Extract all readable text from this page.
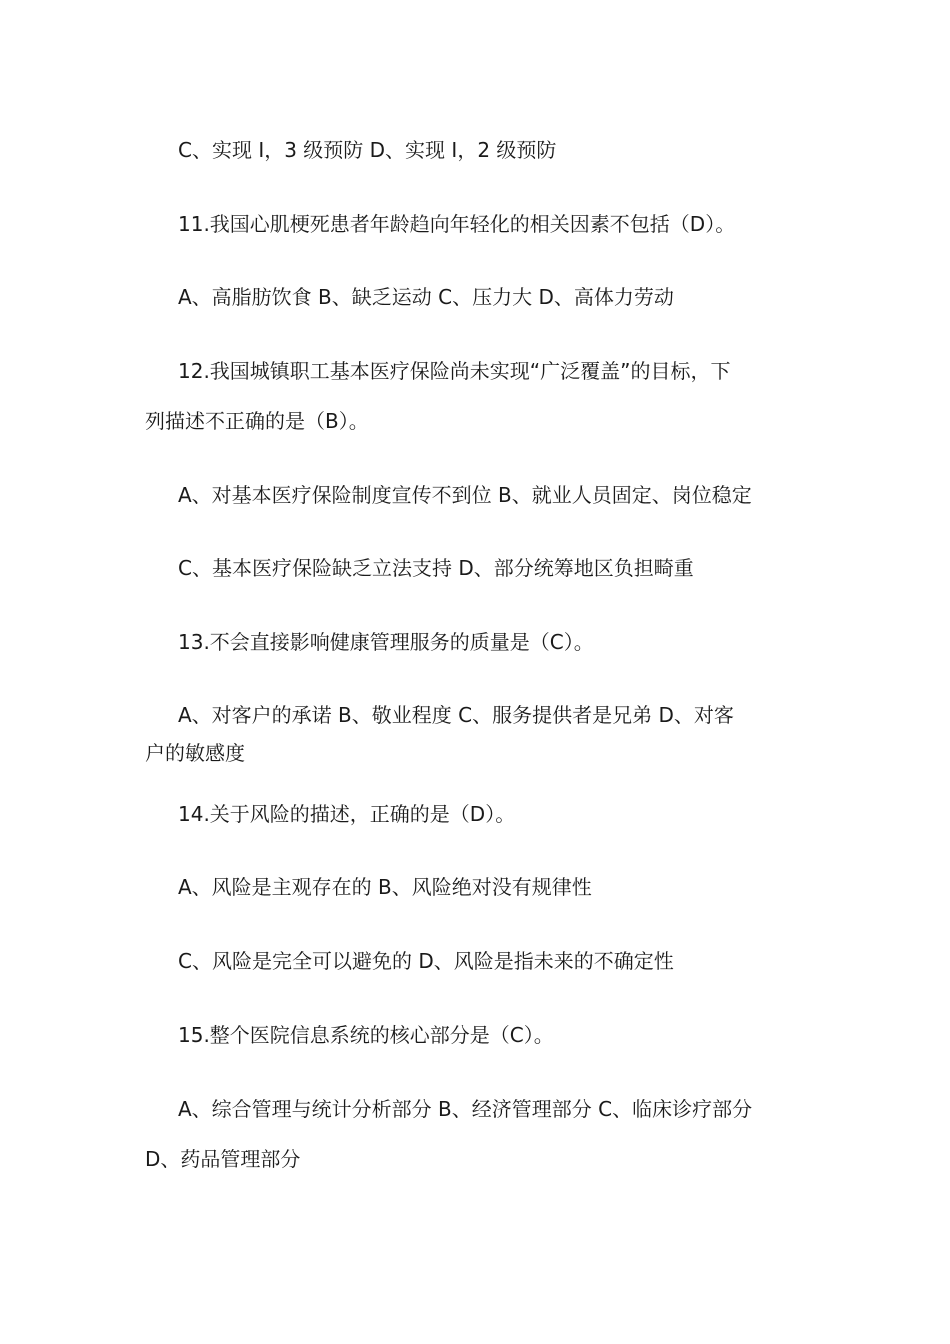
C、实现 I，3 级预防 D、实现 I，2 级预防
11.我国心肌梗死患者年龄趋向年轻化的相关因素不包括（D）。
A、高脂肪饮食 B、缺乏运动 C、压力大 D、高体力劳动
12.我国城镇职工基本医疗保险尚未实现“广泛覆盖”的目标，下
列描述不正确的是（B）。
A、对基本医疗保险制度宣传不到位 B、就业人员固定、岗位稳定
C、基本医疗保险缺乏立法支持 D、部分统筹地区负担畸重
13.不会直接影响健康管理服务的质量是（C）。
A、对客户的承诺 B、敬业程度 C、服务提供者是兄弟 D、对客
户的敏感度
14.关于风险的描述，正确的是（D）。
A、风险是主观存在的 B、风险绝对没有规律性
C、风险是完全可以避免的 D、风险是指未来的不确定性
15.整个医院信息系统的核心部分是（C）。
A、综合管理与统计分析部分 B、经济管理部分 C、临床诊疗部分
D、药品管理部分
